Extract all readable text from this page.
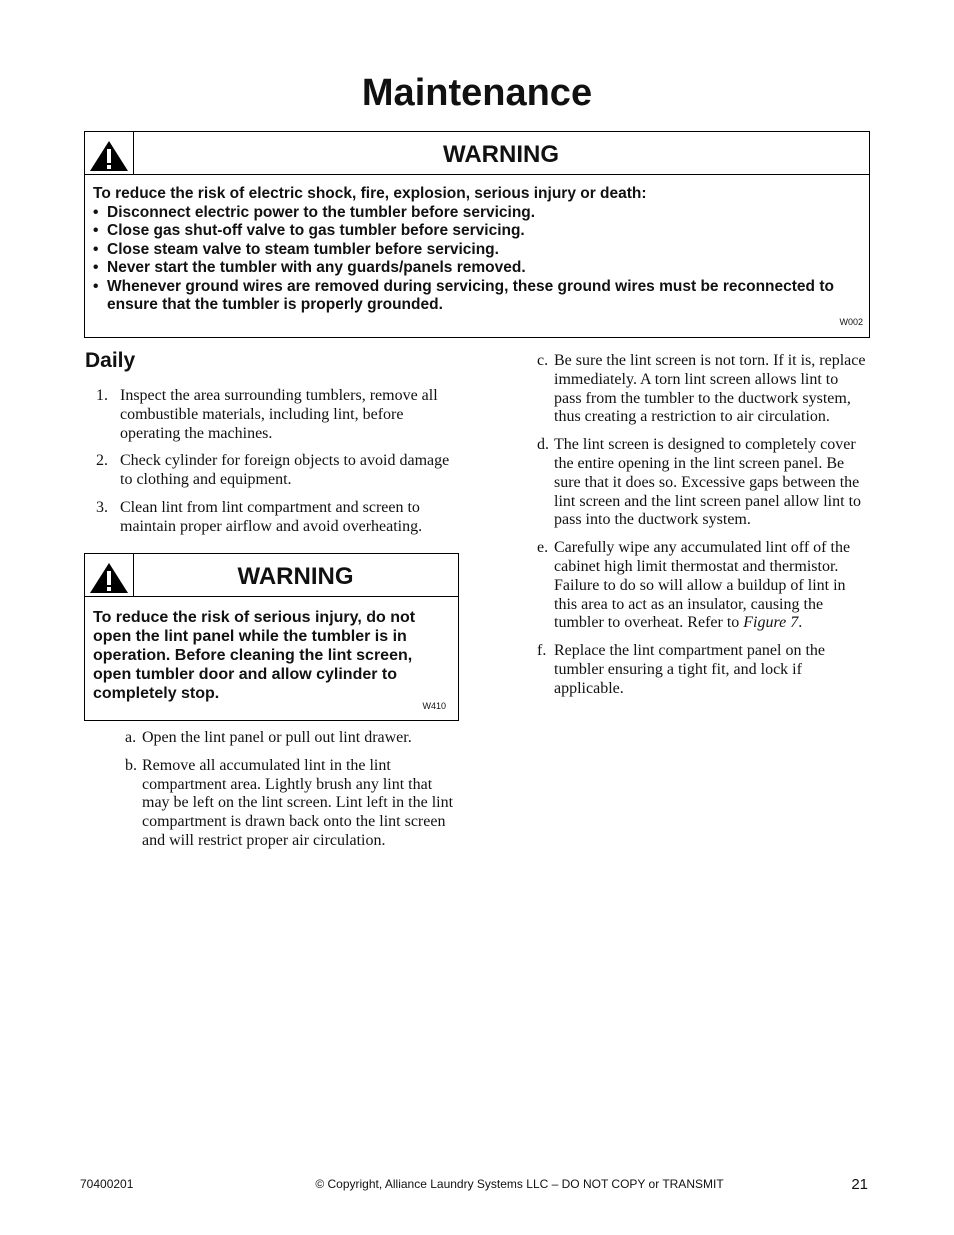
Maintenance
WARNING
To reduce the risk of electric shock, fire, explosion, serious injury or death:
• Disconnect electric power to the tumbler before servicing.
• Close gas shut-off valve to gas tumbler before servicing.
• Close steam valve to steam tumbler before servicing.
• Never start the tumbler with any guards/panels removed.
• Whenever ground wires are removed during servicing, these ground wires must be reconnected to ensure that the tumbler is properly grounded.
W002
Daily
1. Inspect the area surrounding tumblers, remove all combustible materials, including lint, before operating the machines.
2. Check cylinder for foreign objects to avoid damage to clothing and equipment.
3. Clean lint from lint compartment and screen to maintain proper airflow and avoid overheating.
WARNING
To reduce the risk of serious injury, do not open the lint panel while the tumbler is in operation. Before cleaning the lint screen, open tumbler door and allow cylinder to completely stop.
W410
a. Open the lint panel or pull out lint drawer.
b. Remove all accumulated lint in the lint compartment area. Lightly brush any lint that may be left on the lint screen. Lint left in the lint compartment is drawn back onto the lint screen and will restrict proper air circulation.
c. Be sure the lint screen is not torn. If it is, replace immediately. A torn lint screen allows lint to pass from the tumbler to the ductwork system, thus creating a restriction to air circulation.
d. The lint screen is designed to completely cover the entire opening in the lint screen panel. Be sure that it does so. Excessive gaps between the lint screen and the lint screen panel allow lint to pass into the ductwork system.
e. Carefully wipe any accumulated lint off of the cabinet high limit thermostat and thermistor. Failure to do so will allow a buildup of lint in this area to act as an insulator, causing the tumbler to overheat. Refer to Figure 7.
f. Replace the lint compartment panel on the tumbler ensuring a tight fit, and lock if applicable.
70400201	© Copyright, Alliance Laundry Systems LLC – DO NOT COPY or TRANSMIT	21
